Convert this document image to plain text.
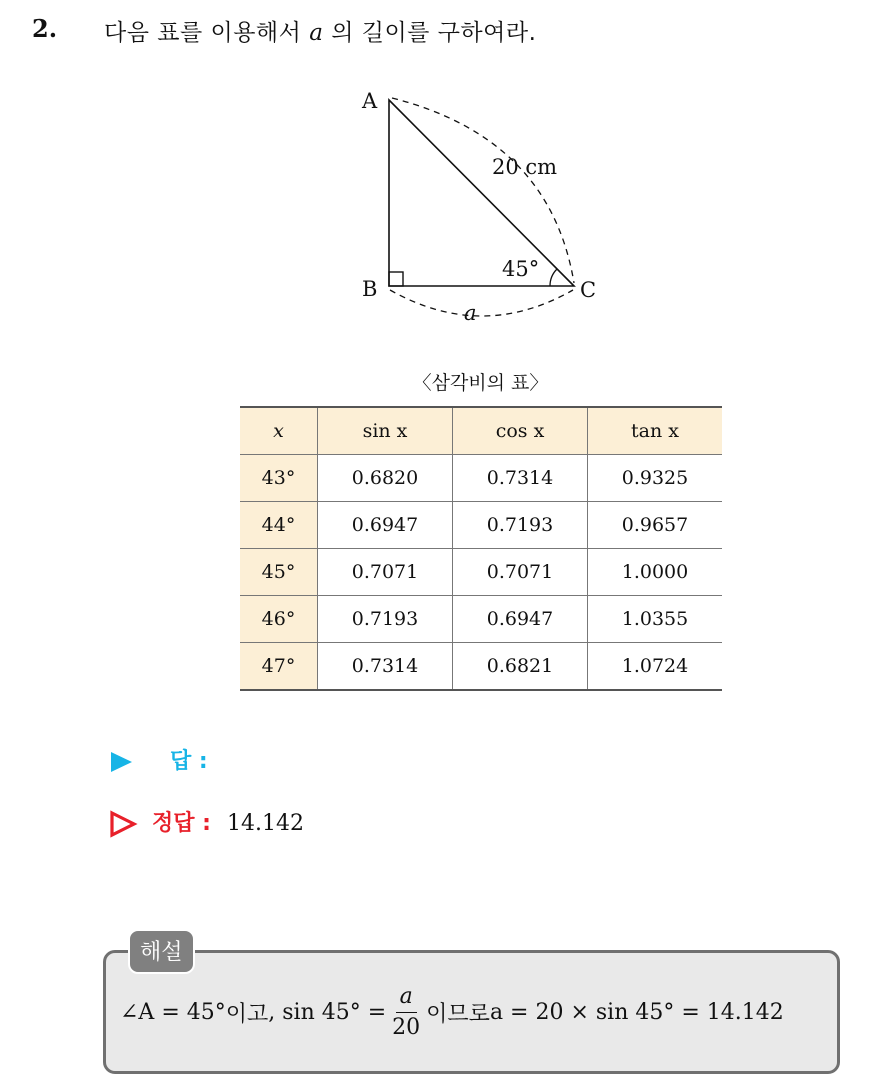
2. 다음 표를 이용해서 a 의 길이를 구하여라.
A
B	C
20 cm
45°
a
〈삼각비의 표〉
x	sin x	cos x	tan x
43°	0.6820	0.7314	0.9325
44°	0.6947	0.7193	0.9657
45°	0.7071	0.7071	1.0000
46°	0.7193	0.6947	1.0355
47°	0.7314	0.6821	1.0724
답 :
정답 : 14.142
해설
∠A = 45° 이고 , $\sin 45^\circ = \frac{a}{20}$ 이므로 a = 20 × sin 45° = 14.142
